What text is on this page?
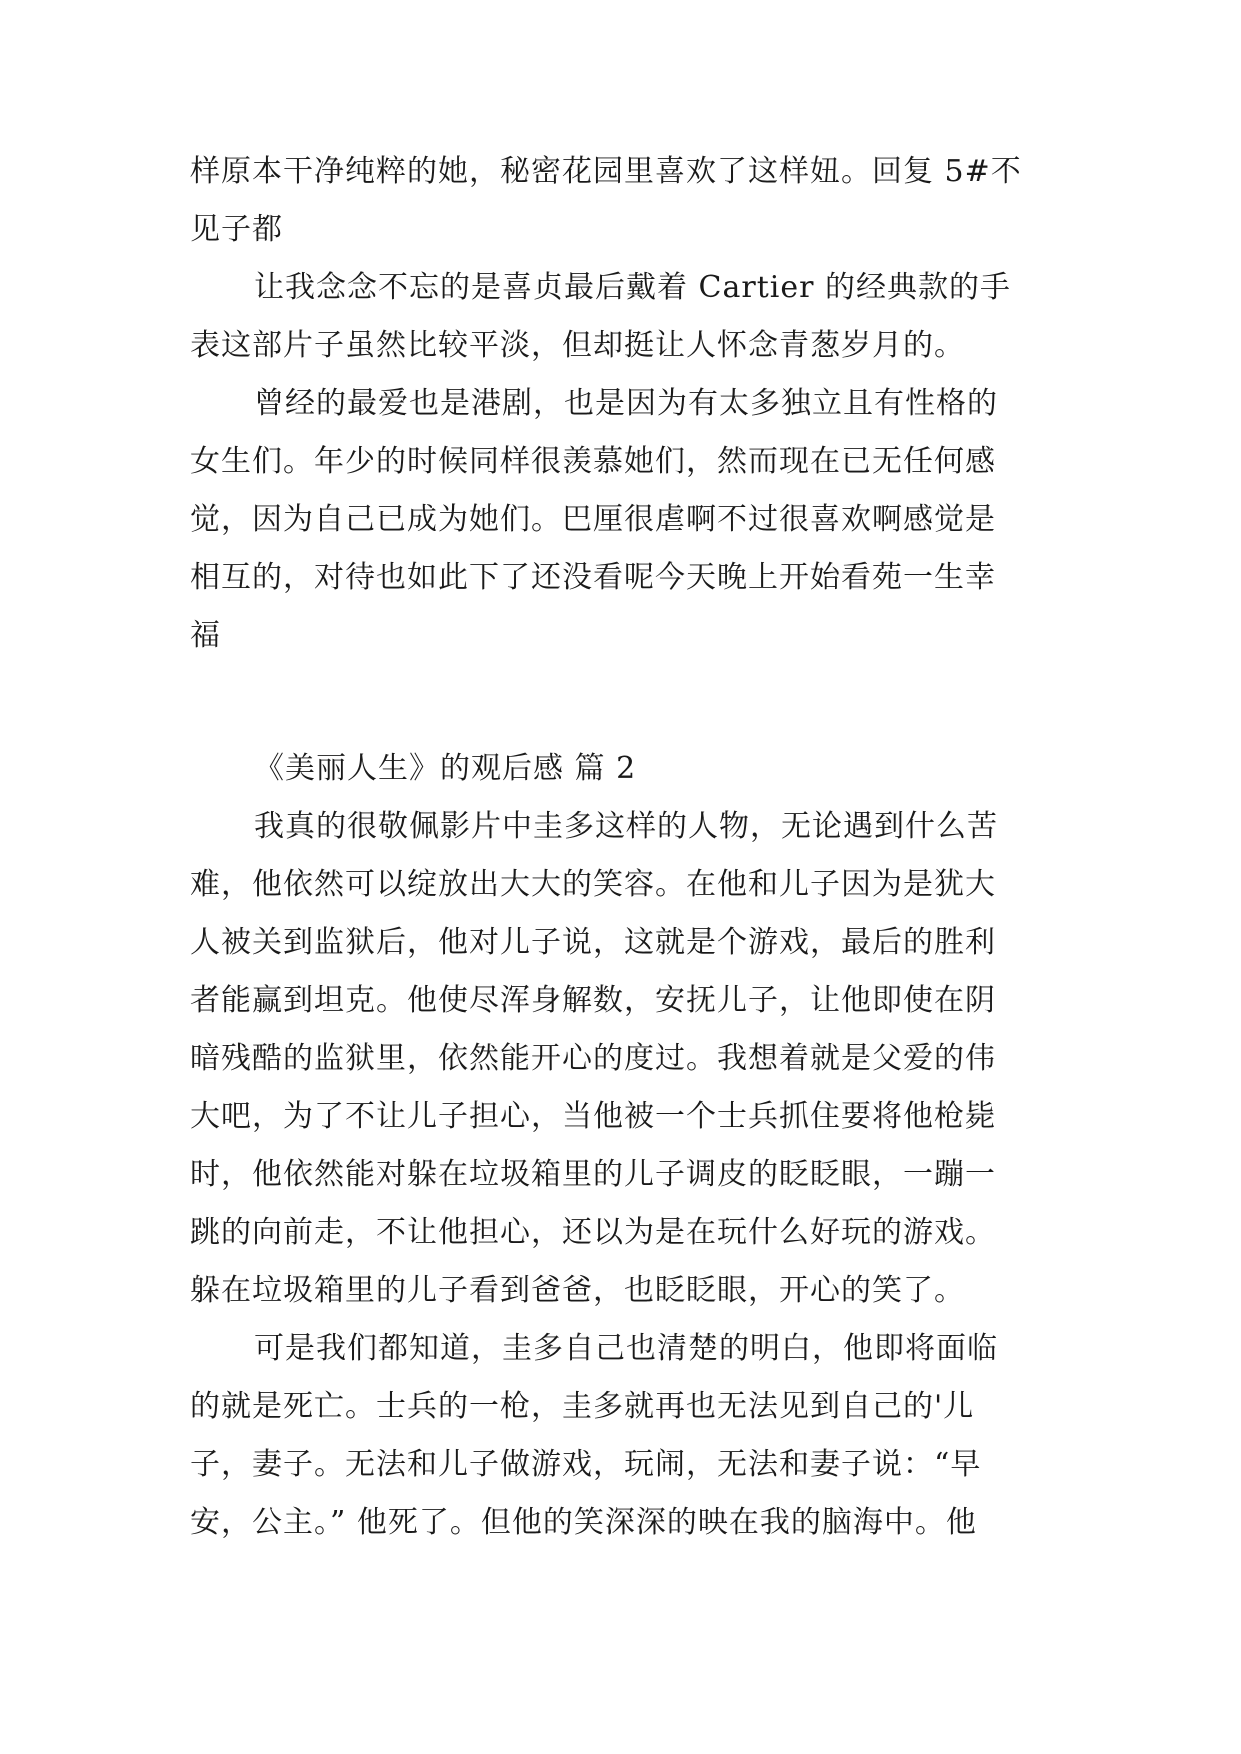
样原本干净纯粹的她，秘密花园里喜欢了这样妞。回复 5#不
见子都
让我念念不忘的是喜贞最后戴着 Cartier 的经典款的手
表这部片子虽然比较平淡，但却挺让人怀念青葱岁月的。
曾经的最爱也是港剧，也是因为有太多独立且有性格的
女生们。年少的时候同样很羡慕她们，然而现在已无任何感
觉，因为自己已成为她们。巴厘很虐啊不过很喜欢啊感觉是
相互的，对待也如此下了还没看呢今天晚上开始看苑一生幸
福
《美丽人生》的观后感 篇 2
我真的很敬佩影片中圭多这样的人物，无论遇到什么苦
难，他依然可以绽放出大大的笑容。在他和儿子因为是犹大
人被关到监狱后，他对儿子说，这就是个游戏，最后的胜利
者能赢到坦克。他使尽浑身解数，安抚儿子，让他即使在阴
暗残酷的监狱里，依然能开心的度过。我想着就是父爱的伟
大吧，为了不让儿子担心，当他被一个士兵抓住要将他枪毙
时，他依然能对躲在垃圾箱里的儿子调皮的眨眨眼，一蹦一
跳的向前走，不让他担心，还以为是在玩什么好玩的游戏。
躲在垃圾箱里的儿子看到爸爸，也眨眨眼，开心的笑了。
可是我们都知道，圭多自己也清楚的明白，他即将面临
的就是死亡。士兵的一枪，圭多就再也无法见到自己的'儿
子，妻子。无法和儿子做游戏，玩闹，无法和妻子说：“早
安，公主。” 他死了。但他的笑深深的映在我的脑海中。他
